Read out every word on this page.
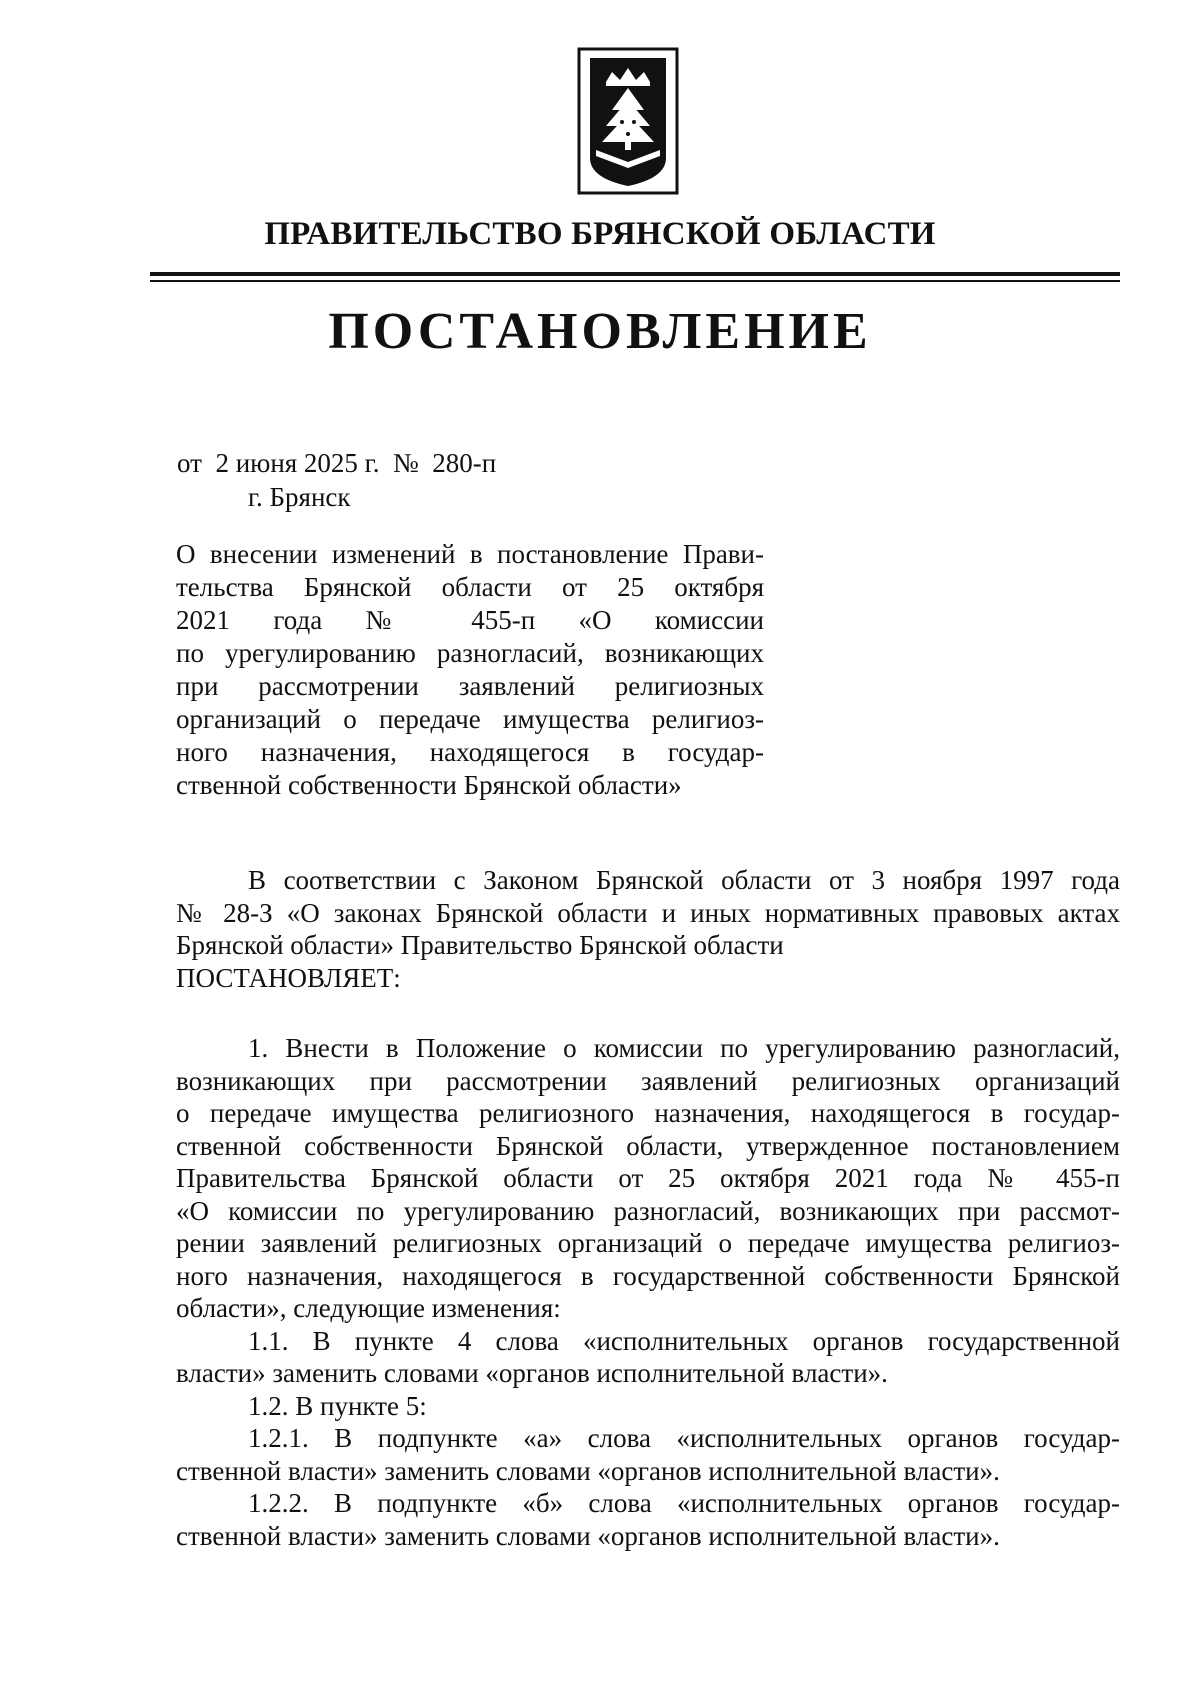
ПРАВИТЕЛЬСТВО БРЯНСКОЙ ОБЛАСТИ
ПОСТАНОВЛЕНИЕ
от  2 июня 2025 г.  №  280-п
г. Брянск
О внесении изменений в постановление Прави-
тельства Брянской области от 25 октября
2021 года № 455-п «О комиссии
по урегулированию разногласий, возникающих
при рассмотрении заявлений религиозных
организаций о передаче имущества религиоз-
ного назначения, находящегося в государ-
ственной собственности Брянской области»
В соответствии с Законом Брянской области от 3 ноября 1997 года
№ 28-З «О законах Брянской области и иных нормативных правовых актах
Брянской области» Правительство Брянской области
ПОСТАНОВЛЯЕТ:
1. Внести в Положение о комиссии по урегулированию разногласий,
возникающих при рассмотрении заявлений религиозных организаций
о передаче имущества религиозного назначения, находящегося в государ-
ственной собственности Брянской области, утвержденное постановлением
Правительства Брянской области от 25 октября 2021 года № 455-п
«О комиссии по урегулированию разногласий, возникающих при рассмот-
рении заявлений религиозных организаций о передаче имущества религиоз-
ного назначения, находящегося в государственной собственности Брянской
области», следующие изменения:
1.1. В пункте 4 слова «исполнительных органов государственной
власти» заменить словами «органов исполнительной власти».
1.2. В пункте 5:
1.2.1. В подпункте «а» слова «исполнительных органов государ-
ственной власти» заменить словами «органов исполнительной власти».
1.2.2. В подпункте «б» слова «исполнительных органов государ-
ственной власти» заменить словами «органов исполнительной власти».
